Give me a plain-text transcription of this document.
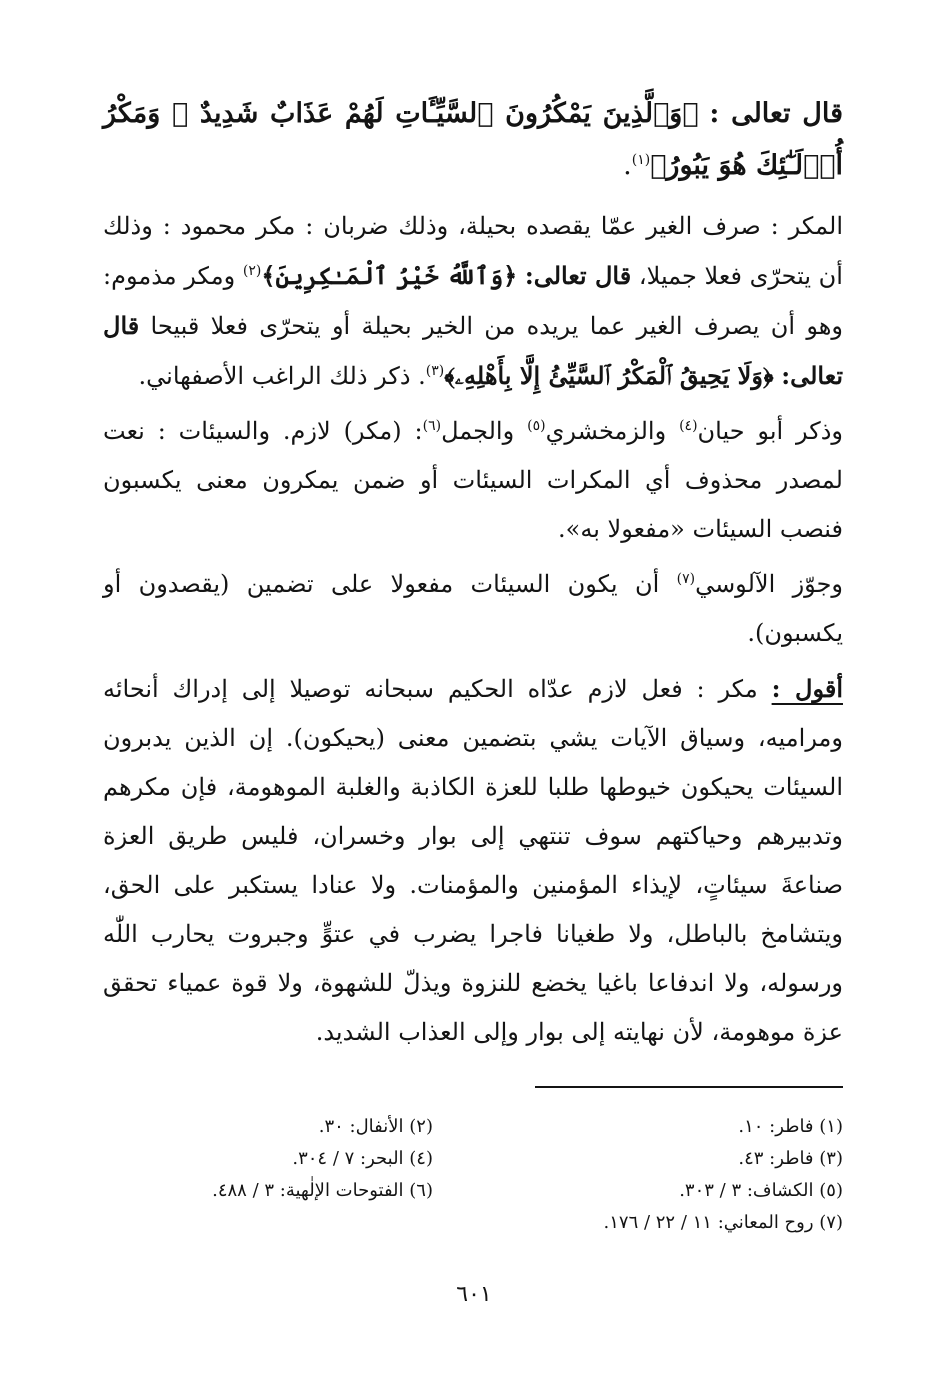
قال تعالى : ﴿وَٱلَّذِينَ يَمْكُرُونَ ٱلسَّيِّـَٔاتِ لَهُمْ عَذَابٌ شَدِيدٌ ۖ وَمَكْرُ أُو۟لَـٰٓئِكَ هُوَ يَبُورُ﴾$^{(١)}$.

المكر : صرف الغير عمّا يقصده بحيلة، وذلك ضربان : مكر محمود : وذلك أن يتحرّى فعلا جميلا، قال تعالى: ﴿وَٱللَّهُ خَيْرُ ٱلْمَـٰكِرِينَ﴾$^{(٢)}$ ومكر مذموم: وهو أن يصرف الغير عما يريده من الخير بحيلة أو يتحرّى فعلا قبيحا قال تعالى: ﴿وَلَا يَحِيقُ ٱلْمَكْرُ ٱلسَّيِّئُ إِلَّا بِأَهْلِهِۦ﴾$^{(٣)}$. ذكر ذلك الراغب الأصفهاني.

وذكر أبو حيان$^{(٤)}$ والزمخشري$^{(٥)}$ والجمل$^{(٦)}$: (مكر) لازم. والسيئات : نعت لمصدر محذوف أي المكرات السيئات أو ضمن يمكرون معنى يكسبون فنصب السيئات «مفعولا به».

وجوّز الآلوسي$^{(٧)}$ أن يكون السيئات مفعولا على تضمين (يقصدون أو يكسبون).

أقول : مكر : فعل لازم عدّاه الحكيم سبحانه توصيلا إلى إدراك أنحائه ومراميه، وسياق الآيات يشي بتضمين معنى (يحيكون). إن الذين يدبرون السيئات يحيكون خيوطها طلبا للعزة الكاذبة والغلبة الموهومة، فإن مكرهم وتدبيرهم وحياكتهم سوف تنتهي إلى بوار وخسران، فليس طريق العزة صناعةَ سيئاتٍ، لإيذاء المؤمنين والمؤمنات. ولا عنادا يستكبر على الحق، ويتشامخ بالباطل، ولا طغيانا فاجرا يضرب في عتوٍّ وجبروت يحارب اللّٰه ورسوله، ولا اندفاعا باغيا يخضع للنزوة ويذلّ للشهوة، ولا قوة عمياء تحقق عزة موهومة، لأن نهايته إلى بوار وإلى العذاب الشديد.

(١) فاطر: ١٠.
(٢) الأنفال: ٣٠.
(٣) فاطر: ٤٣.
(٤) البحر: ٧ / ٣٠٤.
(٥) الكشاف: ٣ / ٣٠٣.
(٦) الفتوحات الإلٰهية: ٣ / ٤٨٨.
(٧) روح المعاني: ١١ / ٢٢ / ١٧٦.
٦٠١
